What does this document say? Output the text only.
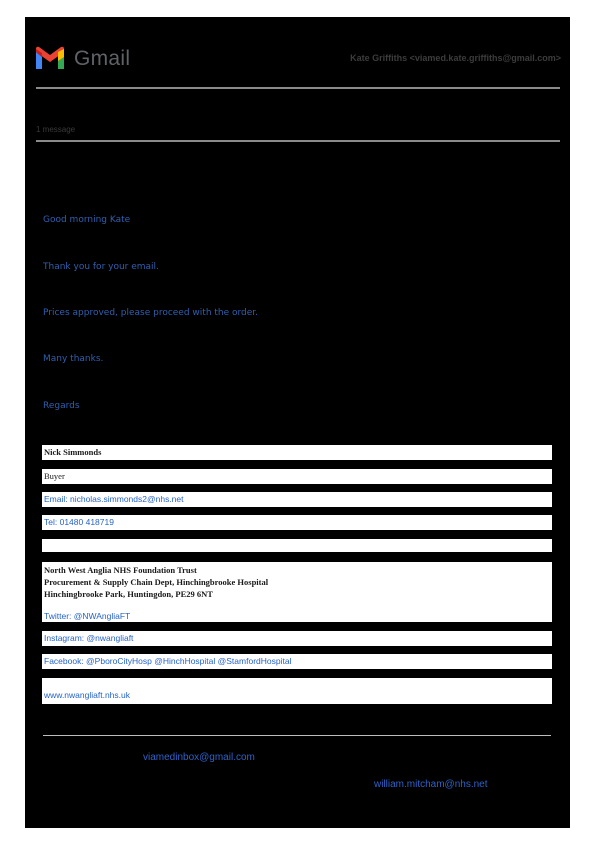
Gmail	Kate Griffiths <viamed.kate.griffiths@gmail.com>
1 message
Good morning Kate
Thank you for your email.
Prices approved, please proceed with the order.
Many thanks.
Regards
Nick Simmonds
Buyer
Email: nicholas.simmonds2@nhs.net
Tel: 01480 418719
North West Anglia NHS Foundation Trust
Procurement & Supply Chain Dept, Hinchingbrooke Hospital
Hinchingbrooke Park, Huntingdon, PE29 6NT
Twitter: @NWAngliaFT
Instagram: @nwangliaft
Facebook: @PboroCityHosp @HinchHospital @StamfordHospital
www.nwangliaft.nhs.uk
viamedinbox@gmail.com
william.mitcham@nhs.net
